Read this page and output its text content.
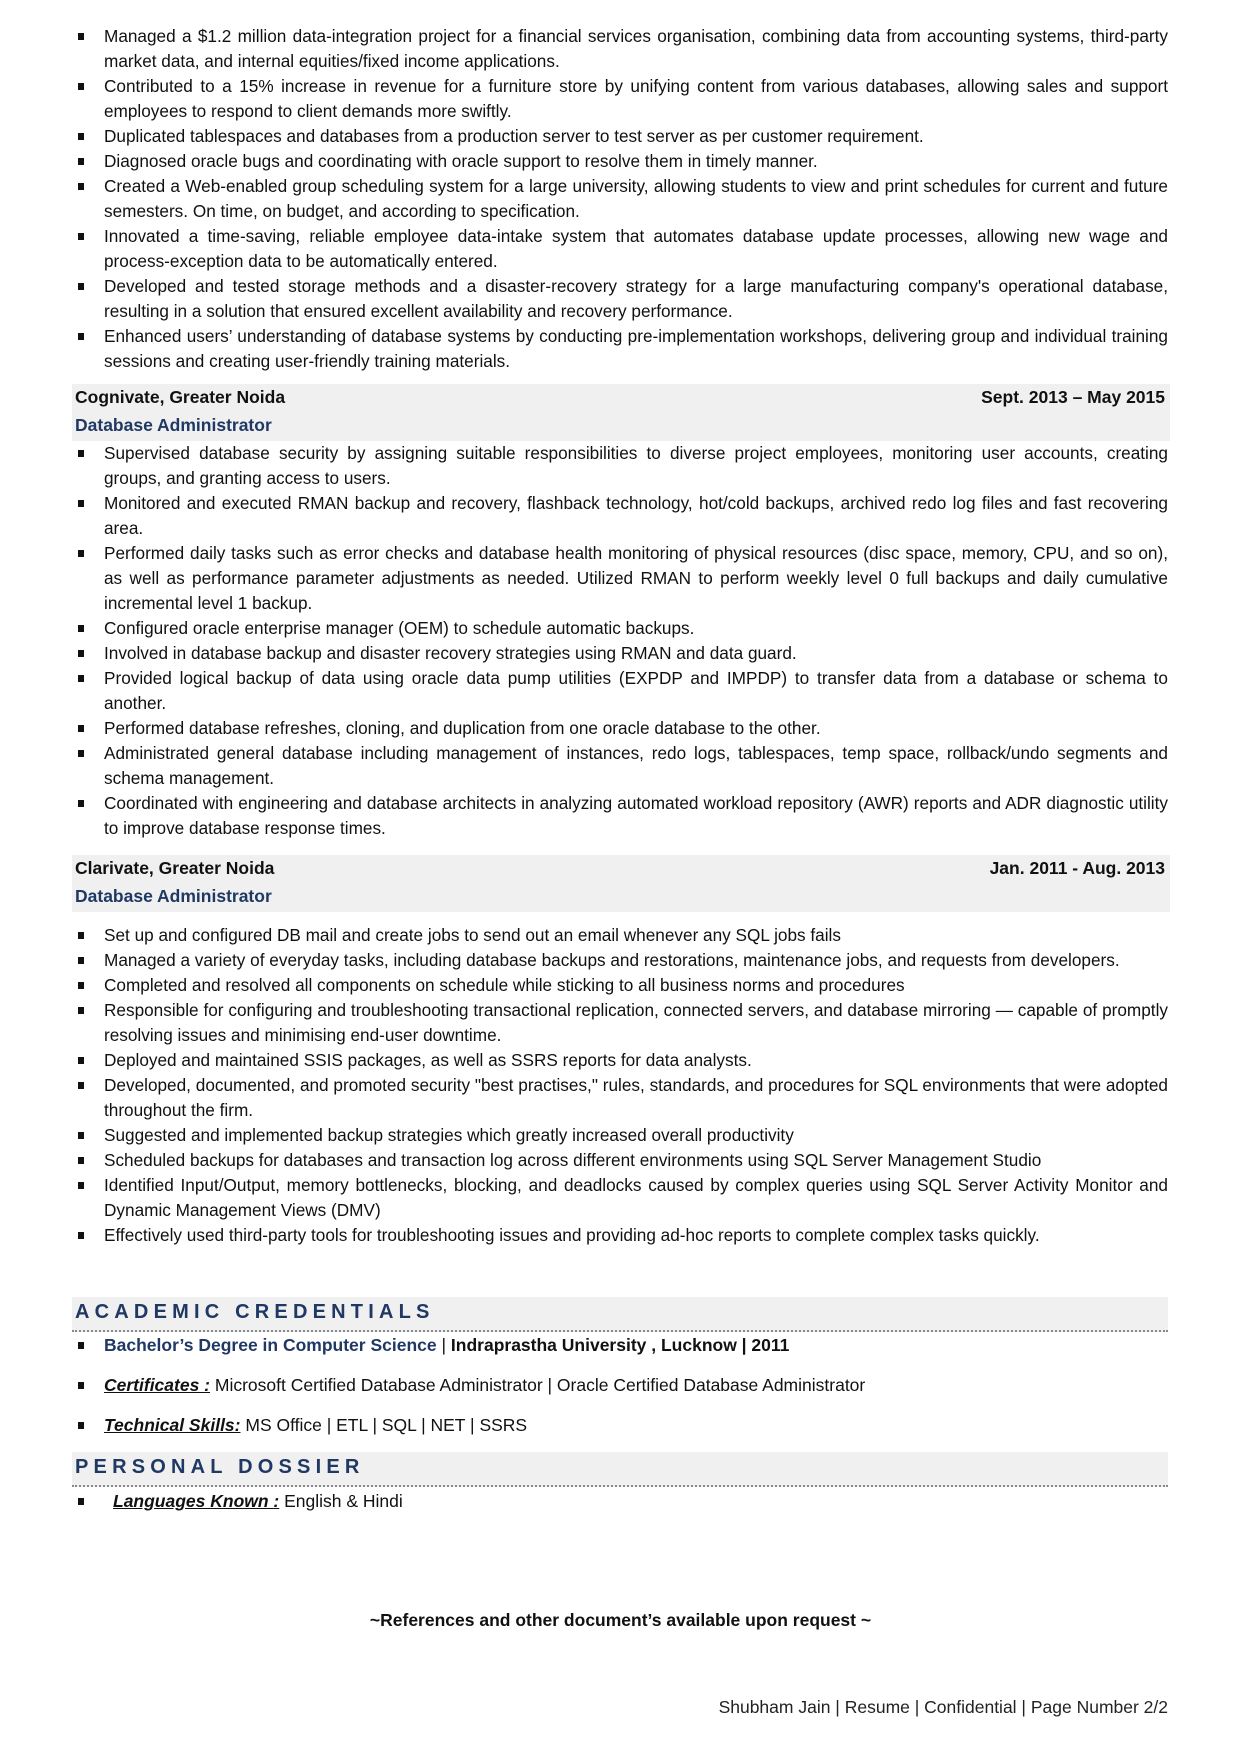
Managed a $1.2 million data-integration project for a financial services organisation, combining data from accounting systems, third-party market data, and internal equities/fixed income applications.
Contributed to a 15% increase in revenue for a furniture store by unifying content from various databases, allowing sales and support employees to respond to client demands more swiftly.
Duplicated tablespaces and databases from a production server to test server as per customer requirement.
Diagnosed oracle bugs and coordinating with oracle support to resolve them in timely manner.
Created a Web-enabled group scheduling system for a large university, allowing students to view and print schedules for current and future semesters. On time, on budget, and according to specification.
Innovated a time-saving, reliable employee data-intake system that automates database update processes, allowing new wage and process-exception data to be automatically entered.
Developed and tested storage methods and a disaster-recovery strategy for a large manufacturing company's operational database, resulting in a solution that ensured excellent availability and recovery performance.
Enhanced users’ understanding of database systems by conducting pre-implementation workshops, delivering group and individual training sessions and creating user-friendly training materials.
Cognivate, Greater Noida	Sept. 2013 – May 2015
Database Administrator
Supervised database security by assigning suitable responsibilities to diverse project employees, monitoring user accounts, creating groups, and granting access to users.
Monitored and executed RMAN backup and recovery, flashback technology, hot/cold backups, archived redo log files and fast recovering area.
Performed daily tasks such as error checks and database health monitoring of physical resources (disc space, memory, CPU, and so on), as well as performance parameter adjustments as needed. Utilized RMAN to perform weekly level 0 full backups and daily cumulative incremental level 1 backup.
Configured oracle enterprise manager (OEM) to schedule automatic backups.
Involved in database backup and disaster recovery strategies using RMAN and data guard.
Provided logical backup of data using oracle data pump utilities (EXPDP and IMPDP) to transfer data from a database or schema to another.
Performed database refreshes, cloning, and duplication from one oracle database to the other.
Administrated general database including management of instances, redo logs, tablespaces, temp space, rollback/undo segments and schema management.
Coordinated with engineering and database architects in analyzing automated workload repository (AWR) reports and ADR diagnostic utility to improve database response times.
Clarivate, Greater Noida	Jan. 2011 - Aug. 2013
Database Administrator
Set up and configured DB mail and create jobs to send out an email whenever any SQL jobs fails
Managed a variety of everyday tasks, including database backups and restorations, maintenance jobs, and requests from developers.
Completed and resolved all components on schedule while sticking to all business norms and procedures
Responsible for configuring and troubleshooting transactional replication, connected servers, and database mirroring — capable of promptly resolving issues and minimising end-user downtime.
Deployed and maintained SSIS packages, as well as SSRS reports for data analysts.
Developed, documented, and promoted security "best practises," rules, standards, and procedures for SQL environments that were adopted throughout the firm.
Suggested and implemented backup strategies which greatly increased overall productivity
Scheduled backups for databases and transaction log across different environments using SQL Server Management Studio
Identified Input/Output, memory bottlenecks, blocking, and deadlocks caused by complex queries using SQL Server Activity Monitor and Dynamic Management Views (DMV)
Effectively used third-party tools for troubleshooting issues and providing ad-hoc reports to complete complex tasks quickly.
ACADEMIC CREDENTIALS
Bachelor’s Degree in Computer Science | Indraprastha University , Lucknow | 2011
Certificates : Microsoft Certified Database Administrator | Oracle Certified Database Administrator
Technical Skills: MS Office | ETL | SQL | NET | SSRS
PERSONAL DOSSIER
Languages Known : English & Hindi
~References and other document’s available upon request ~
Shubham Jain | Resume | Confidential | Page Number 2/2
